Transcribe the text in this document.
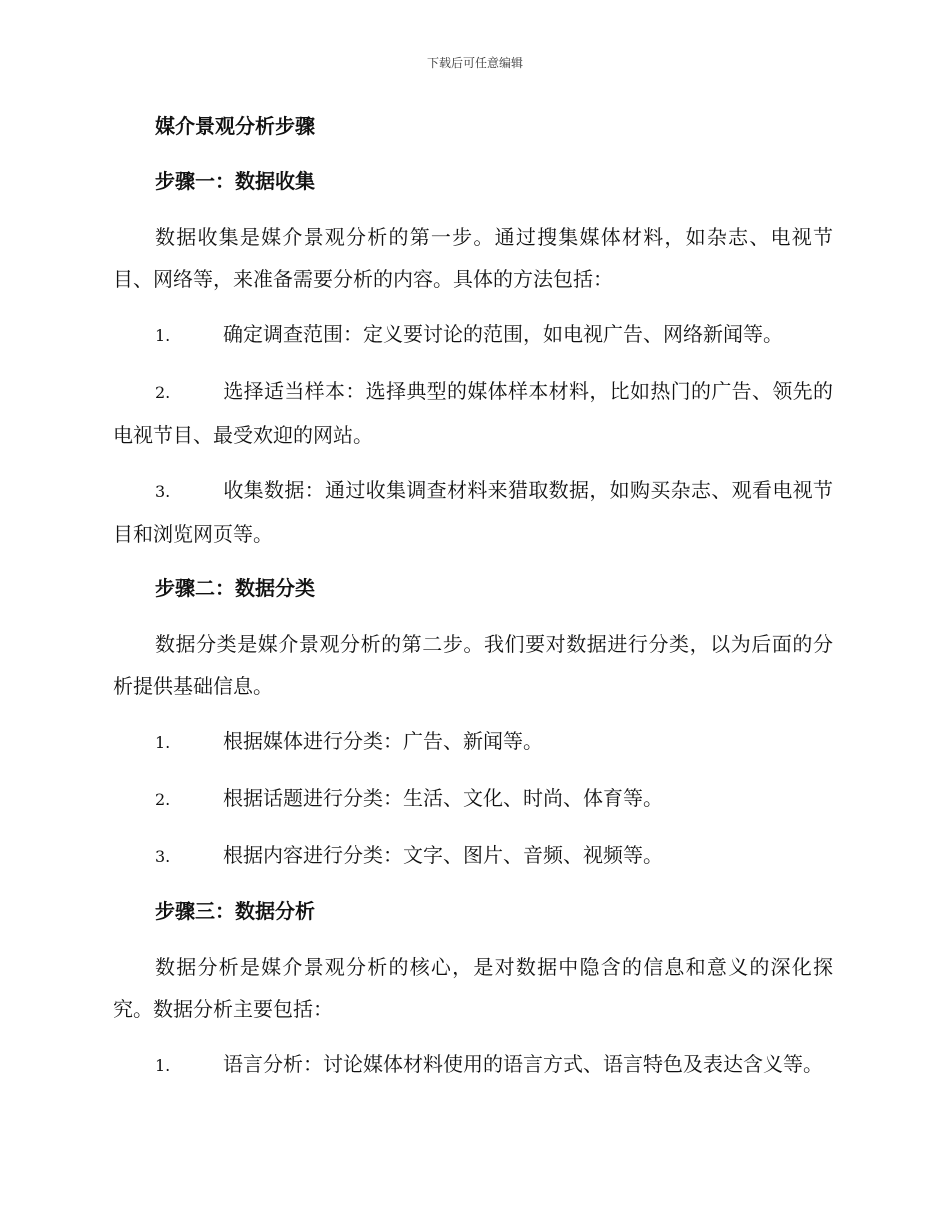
下载后可任意编辑
媒介景观分析步骤
步骤一：数据收集

数据收集是媒介景观分析的第一步。通过搜集媒体材料，如杂志、电视节目、网络等，来准备需要分析的内容。具体的方法包括：

1.	确定调查范围：定义要讨论的范围，如电视广告、网络新闻等。

2.	选择适当样本：选择典型的媒体样本材料，比如热门的广告、领先的电视节目、最受欢迎的网站。

3.	收集数据：通过收集调查材料来猎取数据，如购买杂志、观看电视节目和浏览网页等。

步骤二：数据分类

数据分类是媒介景观分析的第二步。我们要对数据进行分类，以为后面的分析提供基础信息。

1.	根据媒体进行分类：广告、新闻等。

2.	根据话题进行分类：生活、文化、时尚、体育等。

3.	根据内容进行分类：文字、图片、音频、视频等。

步骤三：数据分析

数据分析是媒介景观分析的核心，是对数据中隐含的信息和意义的深化探究。数据分析主要包括：

1.	语言分析：讨论媒体材料使用的语言方式、语言特色及表达含义等。
